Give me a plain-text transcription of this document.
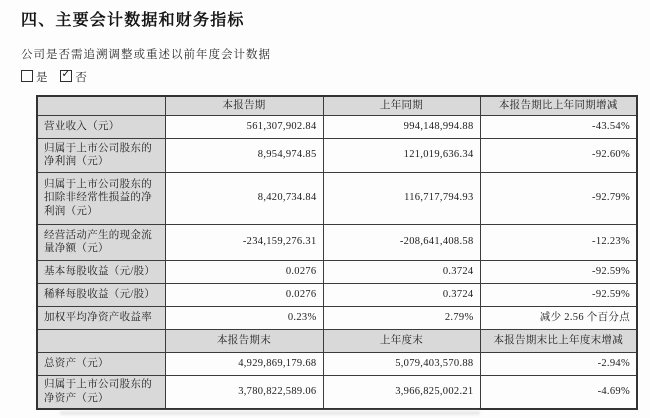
四、主要会计数据和财务指标
公司是否需追溯调整或重述以前年度会计数据
是 ✓ 否
	本报告期	上年同期	本报告期比上年同期增减
营业收入（元）	561,307,902.84	994,148,994.88	-43.54%
归属于上市公司股东的净利润（元）	8,954,974.85	121,019,636.34	-92.60%
归属于上市公司股东的扣除非经常性损益的净利润（元）	8,420,734.84	116,717,794.93	-92.79%
经营活动产生的现金流量净额（元）	-234,159,276.31	-208,641,408.58	-12.23%
基本每股收益（元/股）	0.0276	0.3724	-92.59%
稀释每股收益（元/股）	0.0276	0.3724	-92.59%
加权平均净资产收益率	0.23%	2.79%	减少 2.56 个百分点
	本报告期末	上年度末	本报告期末比上年度末增减
总资产（元）	4,929,869,179.68	5,079,403,570.88	-2.94%
归属于上市公司股东的净资产（元）	3,780,822,589.06	3,966,825,002.21	-4.69%
